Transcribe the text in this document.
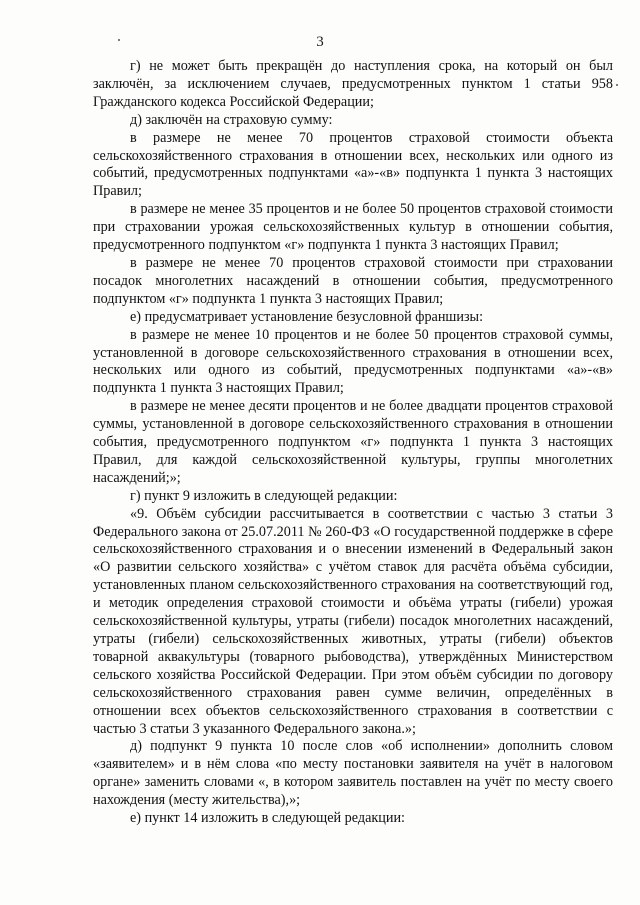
3

г) не может быть прекращён до наступления срока, на который он был заключён, за исключением случаев, предусмотренных пунктом 1 статьи 958 Гражданского кодекса Российской Федерации;

д) заключён на страховую сумму:

в размере не менее 70 процентов страховой стоимости объекта сельскохозяйственного страхования в отношении всех, нескольких или одного из событий, предусмотренных подпунктами «а»-«в» подпункта 1 пункта 3 настоящих Правил;

в размере не менее 35 процентов и не более 50 процентов страховой стоимости при страховании урожая сельскохозяйственных культур в отношении события, предусмотренного подпунктом «г» подпункта 1 пункта 3 настоящих Правил;

в размере не менее 70 процентов страховой стоимости при страховании посадок многолетних насаждений в отношении события, предусмотренного подпунктом «г» подпункта 1 пункта 3 настоящих Правил;

е) предусматривает установление безусловной франшизы:

в размере не менее 10 процентов и не более 50 процентов страховой суммы, установленной в договоре сельскохозяйственного страхования в отношении всех, нескольких или одного из событий, предусмотренных подпунктами «а»-«в» подпункта 1 пункта 3 настоящих Правил;

в размере не менее десяти процентов и не более двадцати процентов страховой суммы, установленной в договоре сельскохозяйственного страхования в отношении события, предусмотренного подпунктом «г» подпункта 1 пункта 3 настоящих Правил, для каждой сельскохозяйственной культуры, группы многолетних насаждений;»;

г) пункт 9 изложить в следующей редакции:

«9. Объём субсидии рассчитывается в соответствии с частью 3 статьи 3 Федерального закона от 25.07.2011 № 260-ФЗ «О государственной поддержке в сфере сельскохозяйственного страхования и о внесении изменений в Федеральный закон «О развитии сельского хозяйства» с учётом ставок для расчёта объёма субсидии, установленных планом сельскохозяйственного страхования на соответствующий год, и методик определения страховой стоимости и объёма утраты (гибели) урожая сельскохозяйственной культуры, утраты (гибели) посадок многолетних насаждений, утраты (гибели) сельскохозяйственных животных, утраты (гибели) объектов товарной аквакультуры (товарного рыбоводства), утверждённых Министерством сельского хозяйства Российской Федерации. При этом объём субсидии по договору сельскохозяйственного страхования равен сумме величин, определённых в отношении всех объектов сельскохозяйственного страхования в соответствии с частью 3 статьи 3 указанного Федерального закона.»;

д) подпункт 9 пункта 10 после слов «об исполнении» дополнить словом «заявителем» и в нём слова «по месту постановки заявителя на учёт в налоговом органе» заменить словами «, в котором заявитель поставлен на учёт по месту своего нахождения (месту жительства),»;

е) пункт 14 изложить в следующей редакции:
